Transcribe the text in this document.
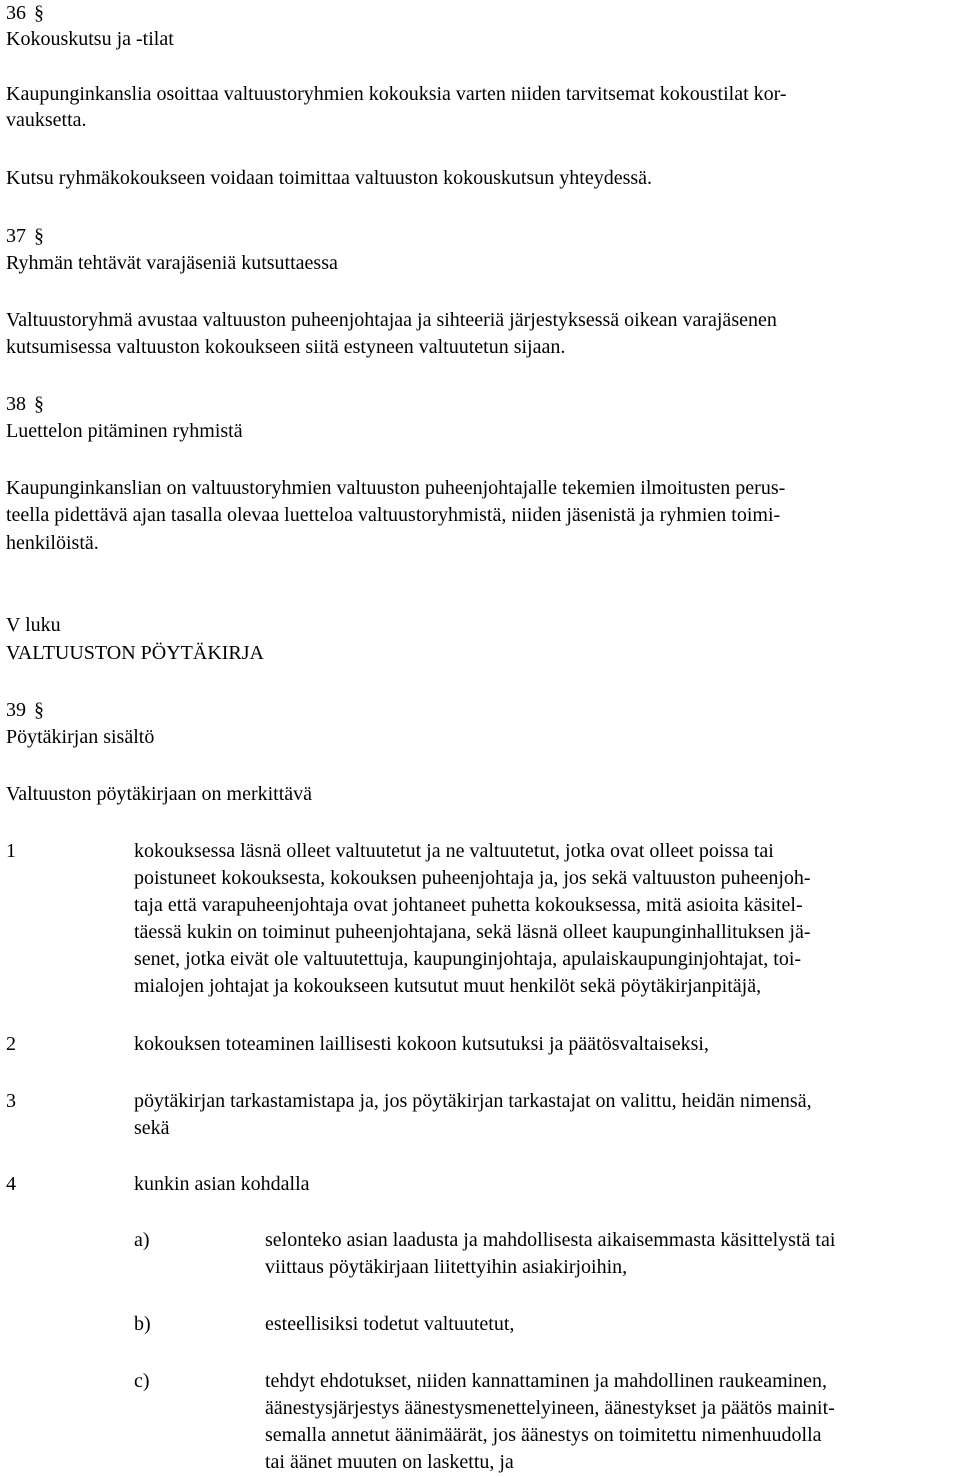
36 §
Kokouskutsu ja -tilat
Kaupunginkanslia osoittaa valtuustoryhmien kokouksia varten niiden tarvitsemat kokoustilat kor-
vauksetta.
Kutsu ryhmäkokoukseen voidaan toimittaa valtuuston kokouskutsun yhteydessä.
37 §
Ryhmän tehtävät varajäseniä kutsuttaessa
Valtuustoryhmä avustaa valtuuston puheenjohtajaa ja sihteeriä järjestyksessä oikean varajäsenen
kutsumisessa valtuuston kokoukseen siitä estyneen valtuutetun sijaan.
38 §
Luettelon pitäminen ryhmistä
Kaupunginkanslian on valtuustoryhmien valtuuston puheenjohtajalle tekemien ilmoitusten perus-
teella pidettävä ajan tasalla olevaa luetteloa valtuustoryhmistä, niiden jäsenistä ja ryhmien toimi-
henkilöistä.
V luku
VALTUUSTON PÖYTÄKIRJA
39 §
Pöytäkirjan sisältö
Valtuuston pöytäkirjaan on merkittävä
1	kokouksessa läsnä olleet valtuutetut ja ne valtuutetut, jotka ovat olleet poissa tai
poistuneet kokouksesta, kokouksen puheenjohtaja ja, jos sekä valtuuston puheenjoh-
taja että varapuheenjohtaja ovat johtaneet puhetta kokouksessa, mitä asioita käsitel-
täessä kukin on toiminut puheenjohtajana, sekä läsnä olleet kaupunginhallituksen jä-
senet, jotka eivät ole valtuutettuja, kaupunginjohtaja, apulaiskaupunginjohtajat, toi-
mialojen johtajat ja kokoukseen kutsutut muut henkilöt sekä pöytäkirjanpitäjä,
2	kokouksen toteaminen laillisesti kokoon kutsutuksi ja päätösvaltaiseksi,
3	pöytäkirjan tarkastamistapa ja, jos pöytäkirjan tarkastajat on valittu, heidän nimensä,
sekä
4	kunkin asian kohdalla
a)	selonteko asian laadusta ja mahdollisesta aikaisemmasta käsittelystä tai
viittaus pöytäkirjaan liitettyihin asiakirjoihin,
b)	esteellisiksi todetut valtuutetut,
c)	tehdyt ehdotukset, niiden kannattaminen ja mahdollinen raukeaminen,
äänestysjärjestys äänestysmenettelyineen, äänestykset ja päätös mainit-
semalla annetut äänimäärät, jos äänestys on toimitettu nimenhuudolla
tai äänet muuten on laskettu, ja
